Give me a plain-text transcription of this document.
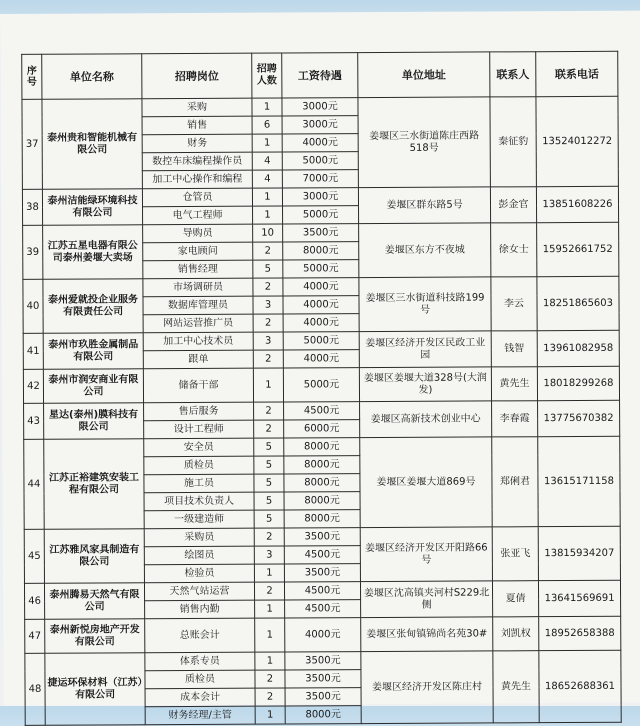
序号	单位名称	招聘岗位	招聘人数	工资待遇	单位地址	联系人	联系电话
37	泰州贵和智能机械有限公司	采购	1	3000元	姜堰区三水街道陈庄西路518号	秦征豹	13524012272
		销售	6	3000元			
		财务	1	4000元			
		数控车床编程操作员	4	5000元			
		加工中心操作和编程	4	7000元			
38	泰州洁能绿环境科技有限公司	仓管员	1	3000元	姜堰区群东路5号	彭金官	13851608226
		电气工程师	1	5000元			
39	江苏五星电器有限公司泰州姜堰大卖场	导购员	10	3500元	姜堰区东方不夜城	徐女士	15952661752
		家电顾问	2	8000元			
		销售经理	5	5000元			
40	泰州爱就投企业服务有限责任公司	市场调研员	2	4000元	姜堰区三水街道科技路199号	李云	18251865603
		数据库管理员	3	4000元			
		网站运营推广员	2	4000元			
41	泰州市玖胜金属制品有限公司	加工中心技术员	3	5000元	姜堰区经济开发区民政工业园	钱智	13961082958
		跟单	2	4000元			
42	泰州市润安商业有限公司	储备干部	1	5000元	姜堰区姜堰大道328号(大润发)	黄先生	18018299268
43	星达(泰州)膜科技有限公司	售后服务	2	4500元	姜堰区高新技术创业中心	李春霞	13775670382
		设计工程师	2	6000元			
44	江苏正裕建筑安装工程有限公司	安全员	5	8000元	姜堰区姜堰大道869号	郑俐君	13615171158
		质检员	5	8000元			
		施工员	5	8000元			
		项目技术负责人	5	8000元			
		一级建造师	5	8000元			
45	江苏雅风家具制造有限公司	采购员	2	3500元	姜堰区经济开发区开阳路66号	张亚飞	13815934207
		绘图员	3	4500元			
		检验员	1	3500元			
46	泰州腾易天然气有限公司	天然气站运营	2	4500元	姜堰区沈高镇夹河村S229北侧	夏倩	13641569691
		销售内勤	1	4500元			
47	泰州新悦房地产开发有限公司	总账会计	1	4000元	姜堰区张甸镇锦尚名苑30#	刘凯权	18952658388
48	捷运环保材料（江苏）有限公司	体系专员	1	3500元	姜堰区经济开发区陈庄村	黄先生	18652688361
		质检员	2	3500元			
		成本会计	2	3500元			
		财务经理/主管	1	8000元			
